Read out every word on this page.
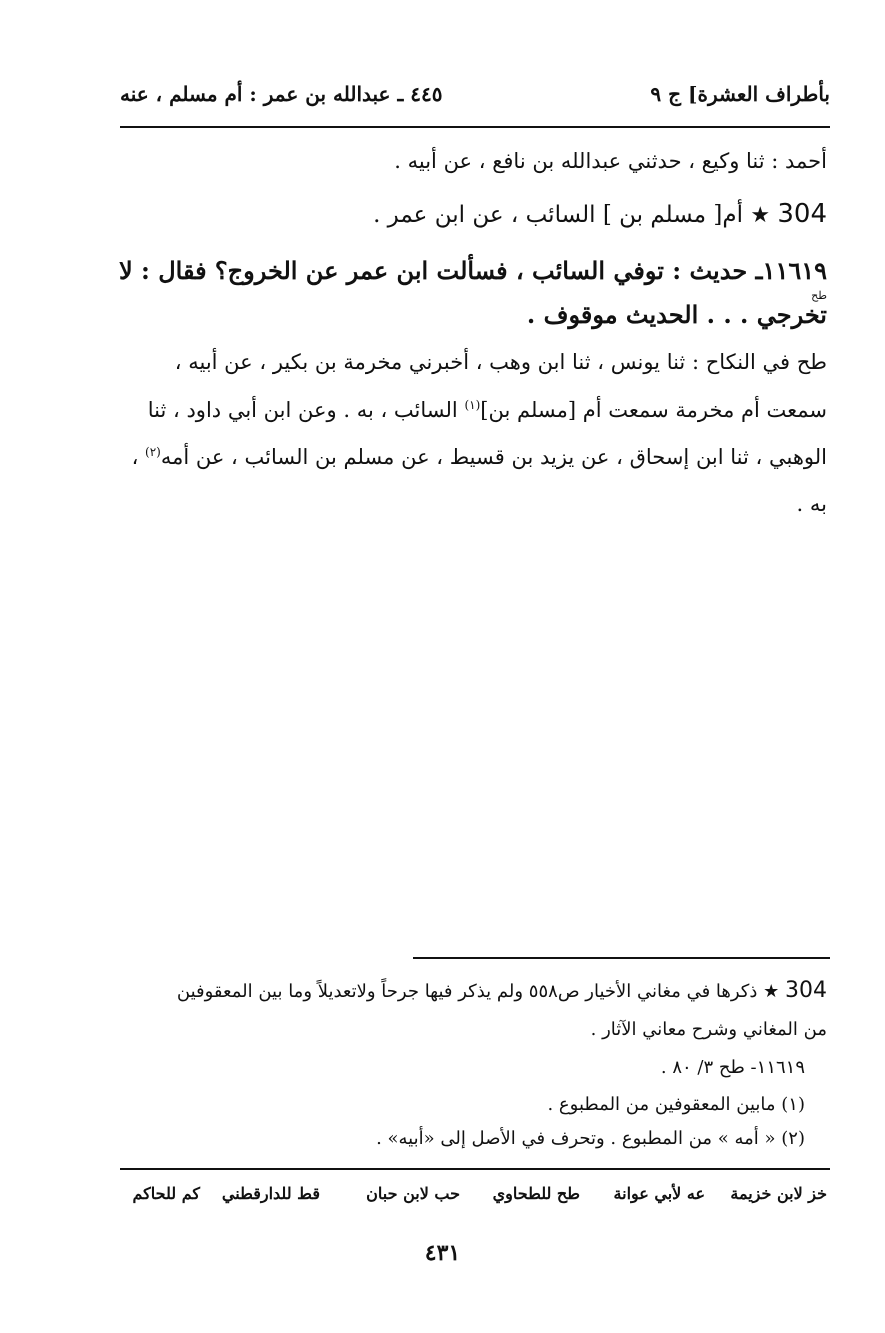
بأطراف العشرة] ج ٩
٤٤٥ ـ عبدالله بن عمر : أم مسلم ، عنه
أحمد : ثنا وكيع ، حدثني عبدالله بن نافع ، عن أبيه .
304 ★ أم[ مسلم بن ] السائب ، عن ابن عمر .
١١٦١٩ـ حديث : توفي السائب ، فسألت ابن عمر عن الخروج؟ فقال : لا
طح
تخرجي . . . الحديث موقوف .
طح في النكاح : ثنا يونس ، ثنا ابن وهب ، أخبرني مخرمة بن بكير ، عن أبيه ،
سمعت أم مخرمة سمعت أم [مسلم بن]$^{(١)}$ السائب ، به . وعن ابن أبي داود ، ثنا
الوهبي ، ثنا ابن إسحاق ، عن يزيد بن قسيط ، عن مسلم بن السائب ، عن أمه$^{(٢)}$ ،
به .
304 ★ ذكرها في مغاني الأخيار ص٥٥٨ ولم يذكر فيها جرحاً ولاتعديلاً وما بين المعقوفين
من المغاني وشرح معاني الآثار .
١١٦١٩- طح ٣/ ٨٠ .
(١) مابين المعقوفين من المطبوع .
(٢) « أمه » من المطبوع . وتحرف في الأصل إلى «أبيه» .
خز لابن خزيمة
عه لأبي عوانة
طح للطحاوي
حب لابن حبان
قط للدارقطني
كم للحاكم
٤٣١
